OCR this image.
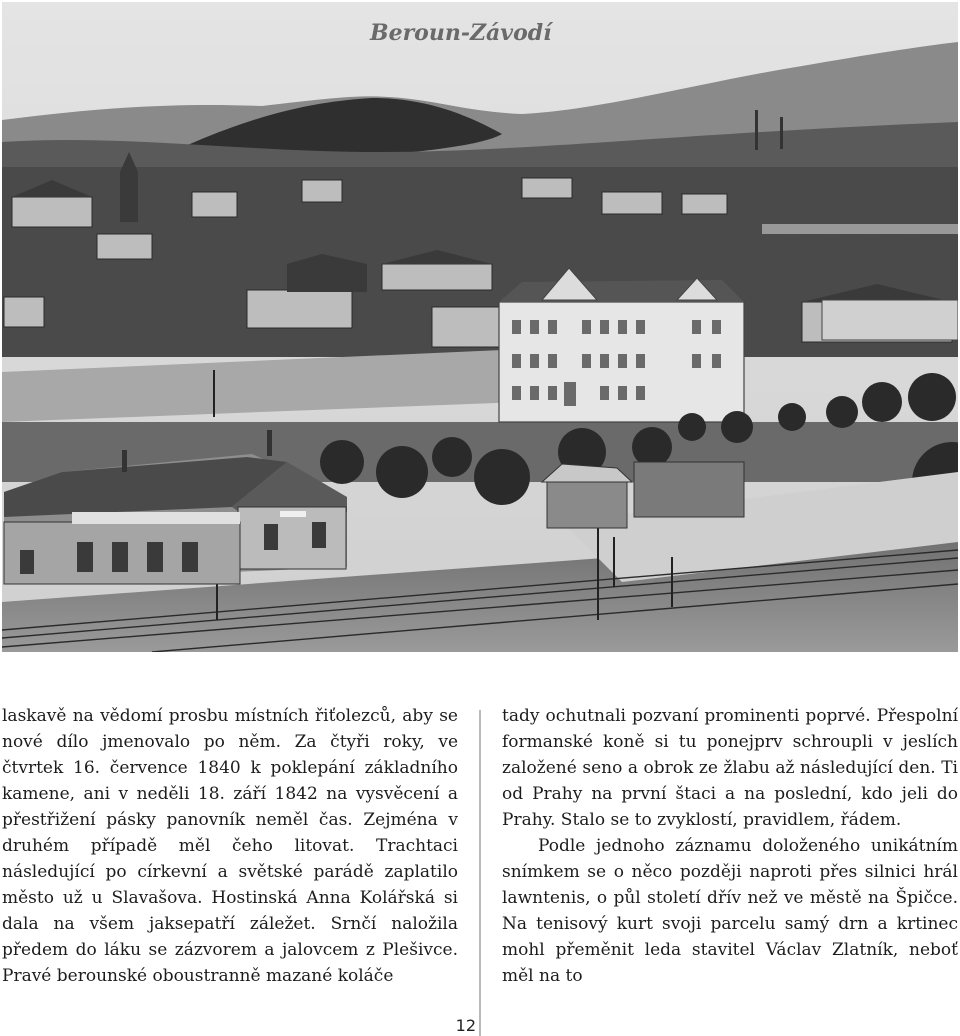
Beroun-Závodí

laskavě na vědomí prosbu místních řiťolezců, aby se nové dílo jmenovalo po něm. Za čtyři roky, ve čtvrtek 16. července 1840 k poklepání základního kamene, ani v neděli 18. září 1842 na vysvěcení a přestřižení pásky panovník neměl čas. Zejména v druhém případě měl čeho litovat. Trachtaci následující po církevní a světské parádě zaplatilo město už u Slavašova. Hostinská Anna Kolářská si dala na všem jaksepatří záležet. Srnčí naložila předem do láku se zázvorem a jalovcem z Plešivce. Pravé berounské oboustranně mazané koláče

tady ochutnali pozvaní prominenti poprvé. Přespolní formanské koně si tu ponejprv schroupli v jeslích založené seno a obrok ze žlabu až následující den. Ti od Prahy na první štaci a na poslední, kdo jeli do Prahy. Stalo se to zvyklostí, pravidlem, řádem.

Podle jednoho záznamu doloženého unikátním snímkem se o něco později naproti přes silnici hrál lawntenis, o půl století dřív než ve městě na Špičce. Na tenisový kurt svoji parcelu samý drn a krtinec mohl přeměnit leda stavitel Václav Zlatník, neboť měl na to

12
